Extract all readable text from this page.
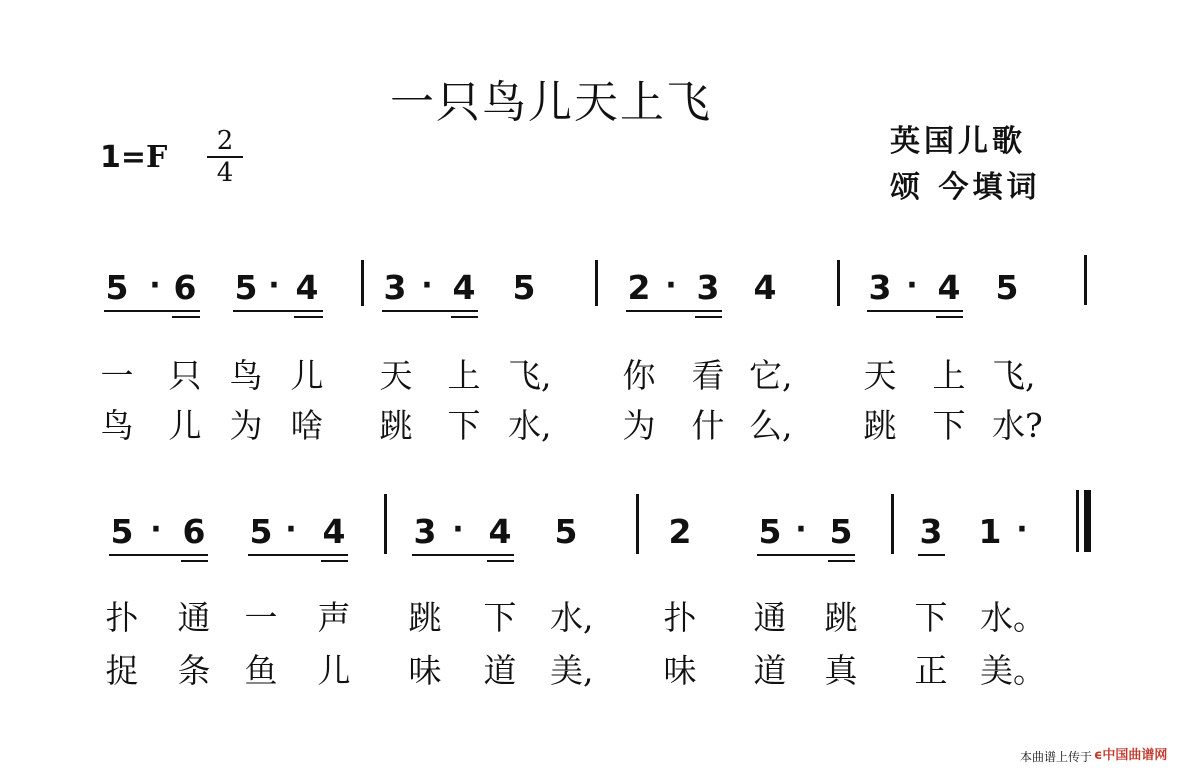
一只鸟儿天上飞
1=F	2
4
英国儿歌
颂 今填词
5 · 6 5 · 4 3 · 4 5	2 · 3 4	3 · 4 5
一 只 鸟 儿 天 上 飞,	你 看 它,	天 上 飞,
鸟 儿 为 啥 跳 下 水,	为 什 么,	跳 下 水?
5 · 6 5 · 4 3 · 4 5	2 5 · 5 3 1 ·
扑 通 一 声 跳 下 水,	扑 通 跳 下 水。
捉 条 鱼 儿 味 道 美,	味 道 真 正 美。
本曲谱上传于 ϵ中国曲谱网
